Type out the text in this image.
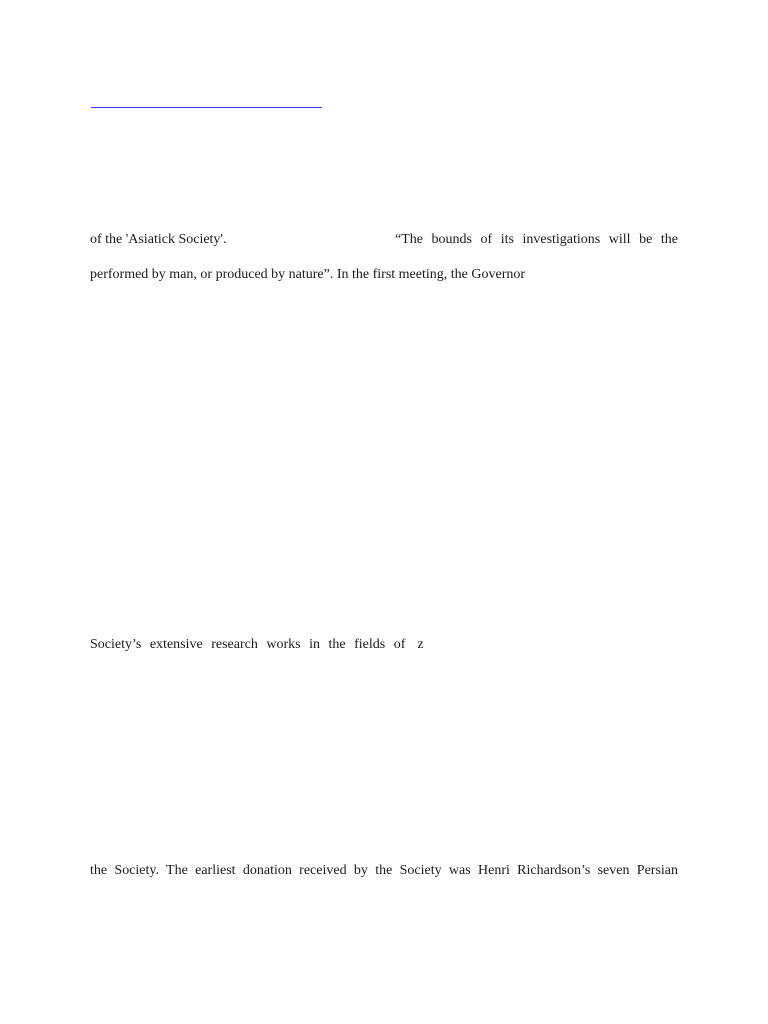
of the 'Asiatick Society'.	“The bounds of its investigations will be the
performed by man, or produced by nature”. In the first meeting, the Governor
Society’s extensive research works in the fields of  z
the Society. The earliest donation received by the Society was Henri Richardson’s seven Persian
